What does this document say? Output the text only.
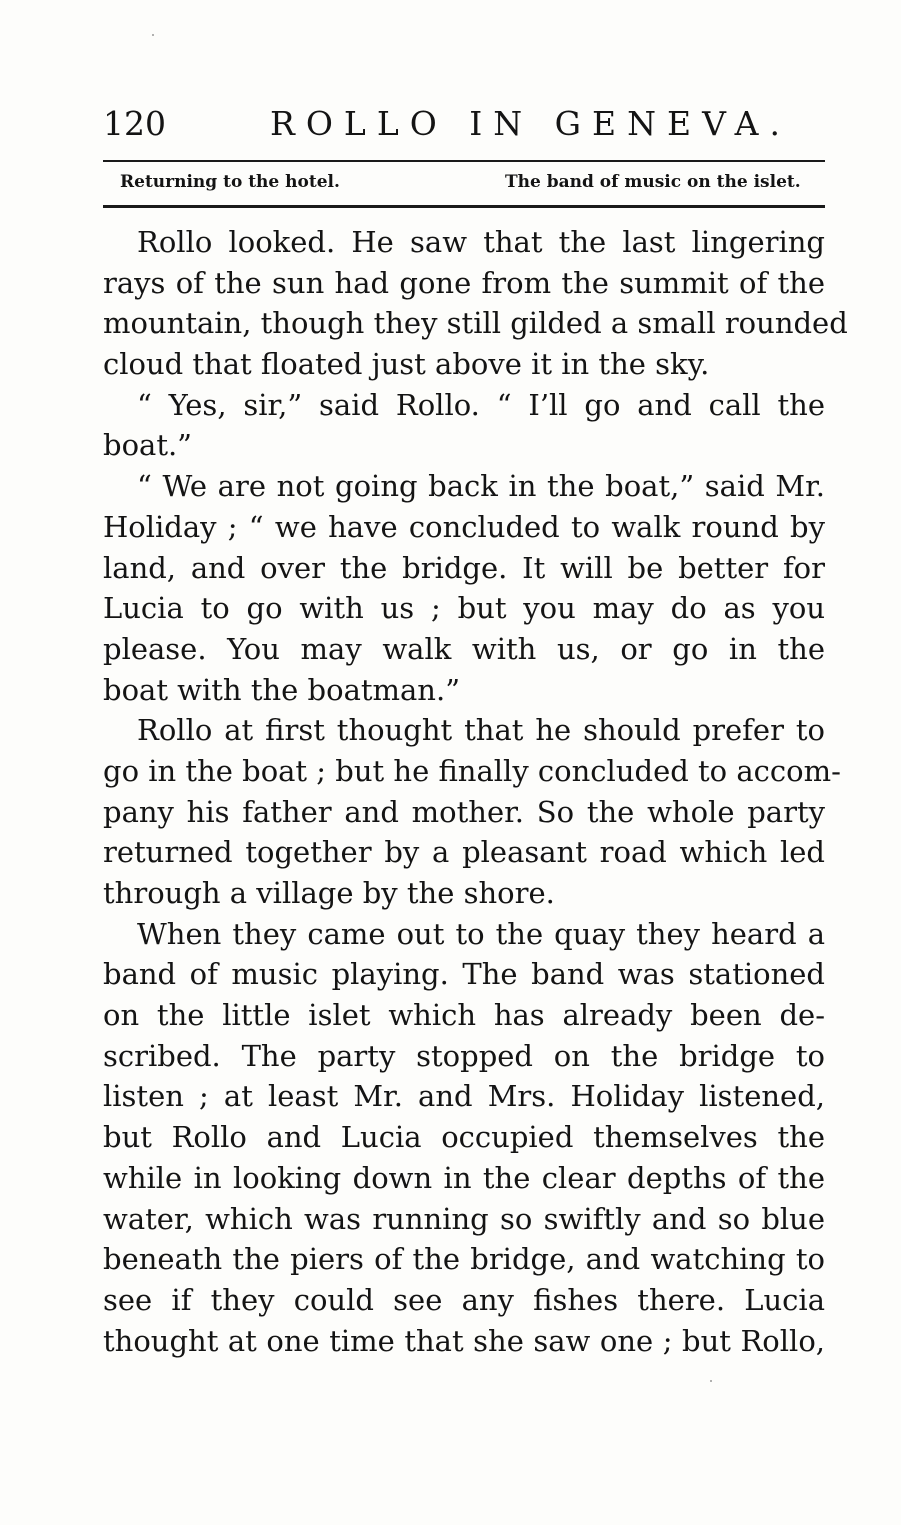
120	ROLLO IN GENEVA.
Returning to the hotel.	The band of music on the islet.
Rollo looked. He saw that the last lingering
rays of the sun had gone from the summit of the
mountain, though they still gilded a small rounded
cloud that floated just above it in the sky.
“ Yes, sir,” said Rollo. “ I’ll go and call the
boat.”
“ We are not going back in the boat,” said Mr.
Holiday ; “ we have concluded to walk round by
land, and over the bridge. It will be better for
Lucia to go with us ; but you may do as you
please. You may walk with us, or go in the
boat with the boatman.”
Rollo at first thought that he should prefer to
go in the boat ; but he finally concluded to accom-
pany his father and mother. So the whole party
returned together by a pleasant road which led
through a village by the shore.
When they came out to the quay they heard a
band of music playing. The band was stationed
on the little islet which has already been de-
scribed. The party stopped on the bridge to
listen ; at least Mr. and Mrs. Holiday listened,
but Rollo and Lucia occupied themselves the
while in looking down in the clear depths of the
water, which was running so swiftly and so blue
beneath the piers of the bridge, and watching to
see if they could see any fishes there. Lucia
thought at one time that she saw one ; but Rollo,
